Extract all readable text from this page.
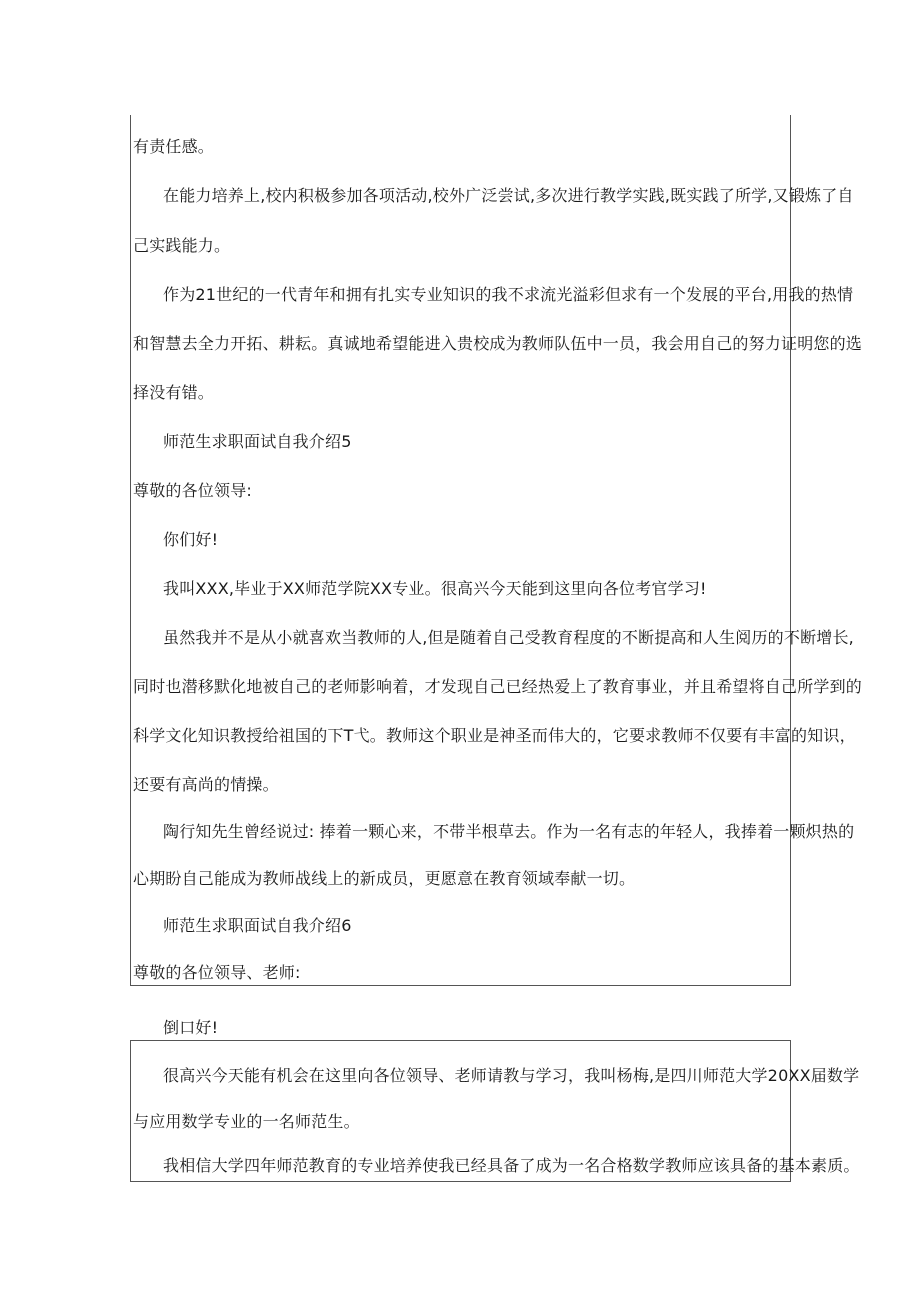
有责任感。
在能力培养上,校内积极参加各项活动,校外广泛尝试,多次进行教学实践,既实践了所学,又锻炼了自
己实践能力。
作为21世纪的一代青年和拥有扎实专业知识的我不求流光溢彩但求有一个发展的平台,用我的热情
和智慧去全力开拓、耕耘。真诚地希望能进入贵校成为教师队伍中一员，我会用自己的努力证明您的选
择没有错。
师范生求职面试自我介绍5
尊敬的各位领导:
你们好!
我叫XXX,毕业于XX师范学院XX专业。很高兴今天能到这里向各位考官学习!
虽然我并不是从小就喜欢当教师的人,但是随着自己受教育程度的不断提高和人生阅历的不断增长,
同时也潜移默化地被自己的老师影响着，才发现自己已经热爱上了教育事业，并且希望将自己所学到的
科学文化知识教授给祖国的下T弋。教师这个职业是神圣而伟大的，它要求教师不仅要有丰富的知识，
还要有高尚的情操。
陶行知先生曾经说过: 捧着一颗心来，不带半根草去。作为一名有志的年轻人，我捧着一颗炽热的
心期盼自己能成为教师战线上的新成员，更愿意在教育领域奉献一切。
师范生求职面试自我介绍6
尊敬的各位领导、老师:
倒口好!
很高兴今天能有机会在这里向各位领导、老师请教与学习，我叫杨梅,是四川师范大学20XX届数学
与应用数学专业的一名师范生。
我相信大学四年师范教育的专业培养使我已经具备了成为一名合格数学教师应该具备的基本素质。
